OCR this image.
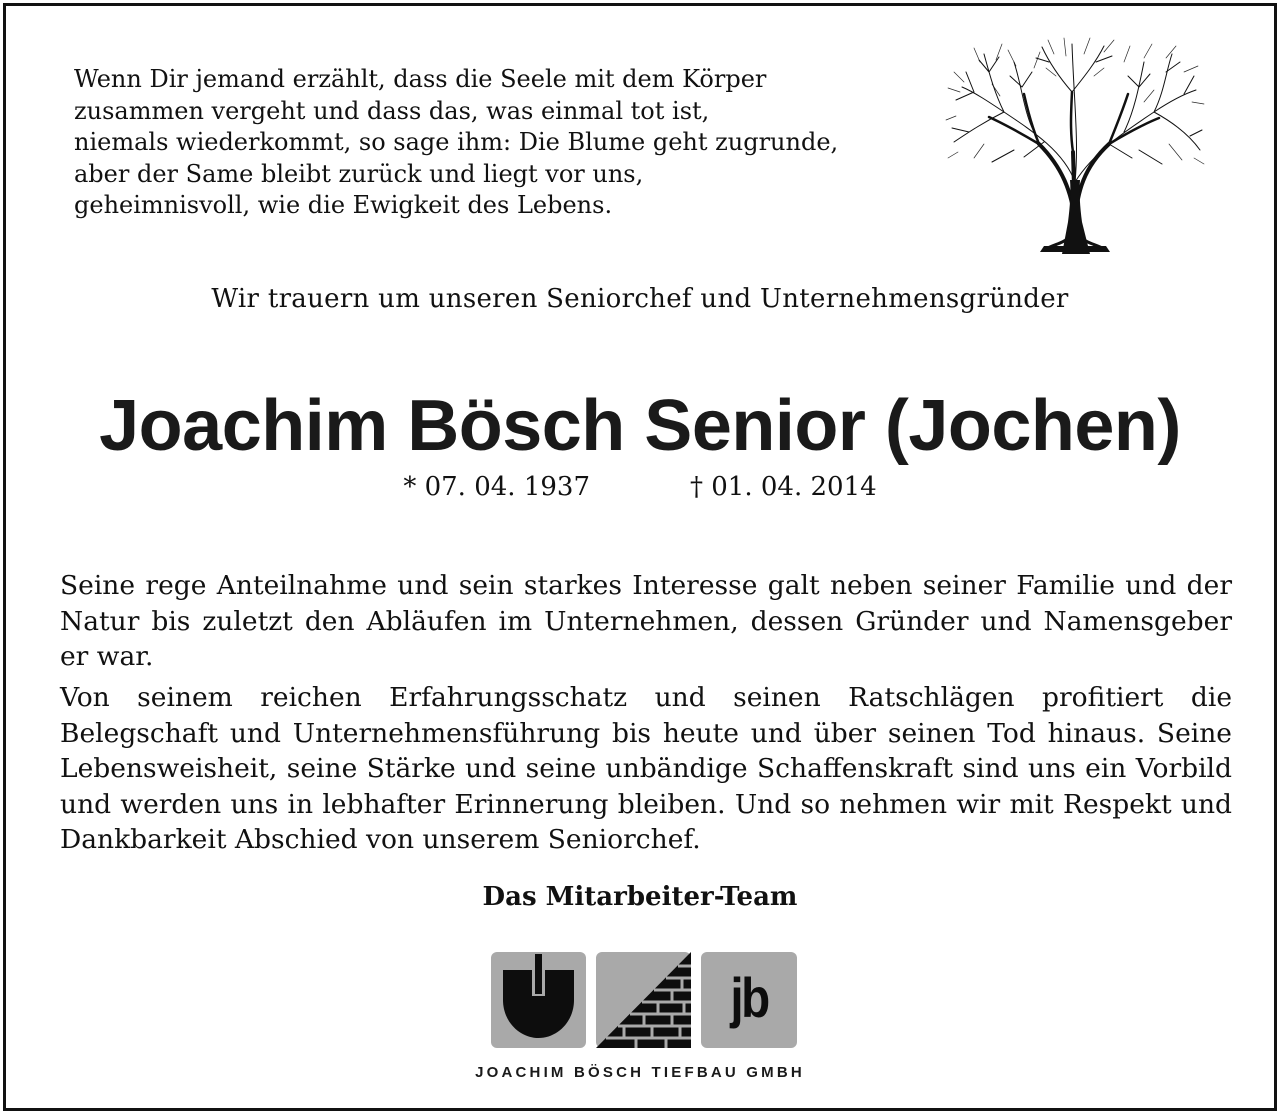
Wenn Dir jemand erzählt, dass die Seele mit dem Körper
zusammen vergeht und dass das, was einmal tot ist,
niemals wiederkommt, so sage ihm: Die Blume geht zugrunde,
aber der Same bleibt zurück und liegt vor uns,
geheimnisvoll, wie die Ewigkeit des Lebens.

Wir trauern um unseren Seniorchef und Unternehmensgründer

Joachim Bösch Senior (Jochen)

* 07. 04. 1937	† 01. 04. 2014

Seine rege Anteilnahme und sein starkes Interesse galt neben seiner Familie und der Natur bis zuletzt den Abläufen im Unternehmen, dessen Gründer und Namensgeber er war.

Von seinem reichen Erfahrungsschatz und seinen Ratschlägen profitiert die Belegschaft und Unternehmensführung bis heute und über seinen Tod hinaus. Seine Lebensweisheit, seine Stärke und seine unbändige Schaffenskraft sind uns ein Vorbild und werden uns in lebhafter Erinnerung bleiben. Und so nehmen wir mit Respekt und Dankbarkeit Abschied von unserem Seniorchef.

Das Mitarbeiter-Team

jb

JOACHIM BÖSCH TIEFBAU GMBH
